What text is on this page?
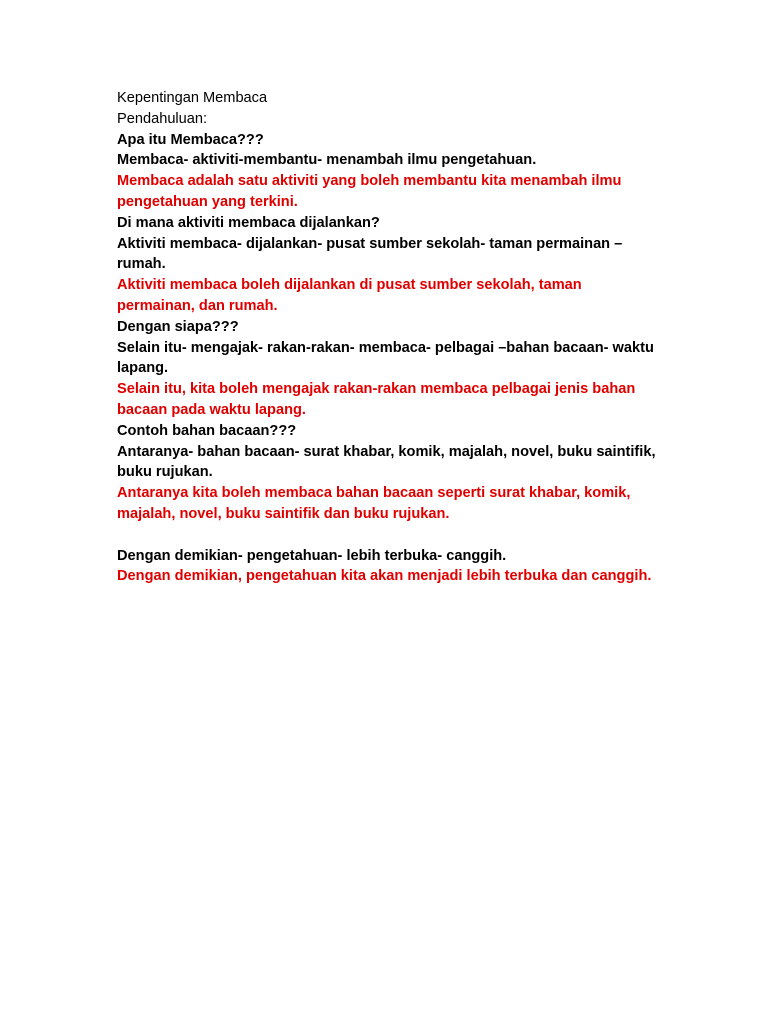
Kepentingan Membaca

Pendahuluan:

Apa itu Membaca???

Membaca- aktiviti-membantu- menambah ilmu pengetahuan.

Membaca adalah satu aktiviti yang boleh membantu kita menambah ilmu pengetahuan yang terkini.

Di mana aktiviti membaca dijalankan?

Aktiviti membaca- dijalankan- pusat sumber sekolah- taman permainan –rumah.

Aktiviti membaca boleh dijalankan di pusat sumber sekolah, taman permainan, dan rumah.

Dengan siapa???

Selain itu- mengajak- rakan-rakan- membaca- pelbagai –bahan bacaan- waktu lapang.

Selain itu, kita boleh mengajak rakan-rakan membaca pelbagai jenis bahan bacaan pada waktu lapang.

Contoh bahan bacaan???

Antaranya- bahan bacaan- surat khabar, komik, majalah, novel, buku saintifik, buku rujukan.

Antaranya kita boleh membaca bahan bacaan seperti surat khabar, komik, majalah, novel, buku saintifik dan buku rujukan.

Dengan demikian- pengetahuan- lebih terbuka- canggih.

Dengan demikian, pengetahuan kita akan menjadi lebih terbuka dan canggih.
